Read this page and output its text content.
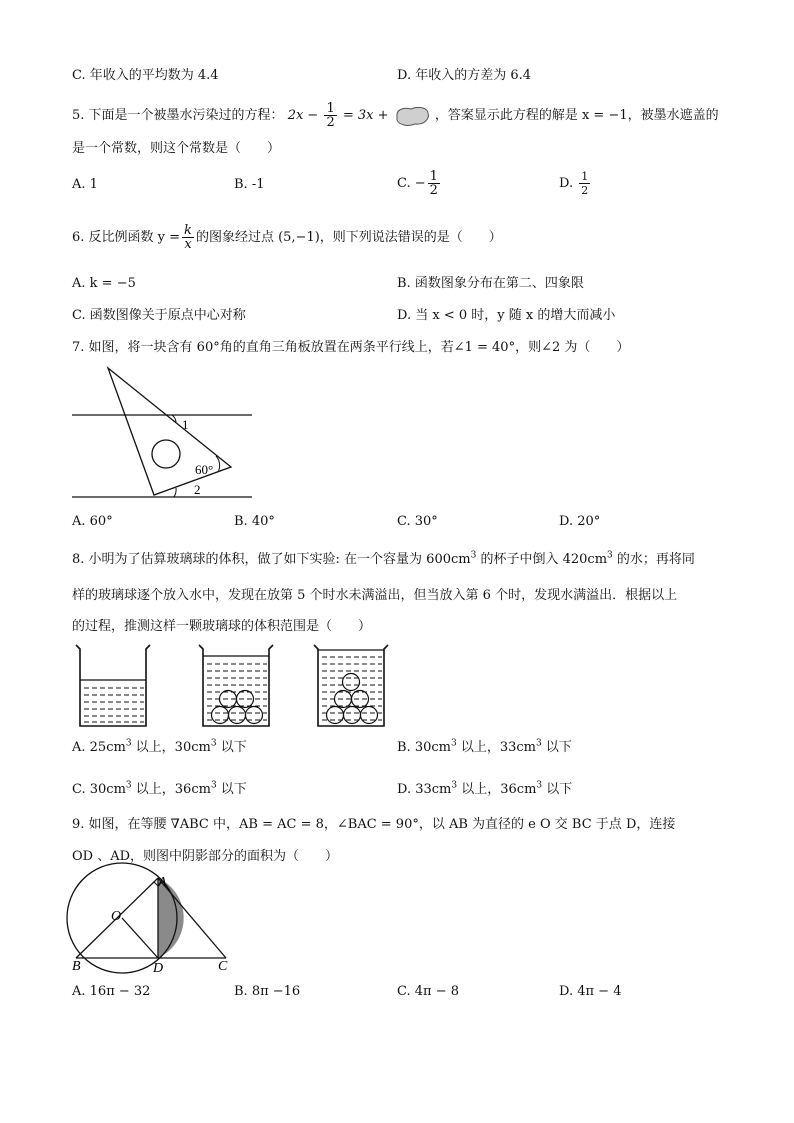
C. 年收入的平均数为 4.4	D. 年收入的方差为 6.4
5. 下面是一个被墨水污染过的方程： $2x - \frac{1}{2} = 3x$ +	，答案显示此方程的解是 x = −1，被墨水遮盖的
是一个常数，则这个常数是（　　）
A. 1	B. -1	C. − $\frac{1}{2}$	D. $\frac{1}{2}$
6. 反比例函数 $y = \frac{k}{x}$ 的图象经过点 (5,−1)，则下列说法错误的是（　　）
A. k = −5	B. 函数图象分布在第二、四象限
C. 函数图像关于原点中心对称	D. 当 x < 0 时，y 随 x 的增大而减小
7. 如图，将一块含有 60°角的直角三角板放置在两条平行线上，若∠1 = 40°，则∠2 为（　　）
1
2
60°
A. 60°	B. 40°	C. 30°	D. 20°
8. 小明为了估算玻璃球的体积，做了如下实验: 在一个容量为 $600cm^3$ 的杯子中倒入 $420cm^3$ 的水；再将同
样的玻璃球逐个放入水中，发现在放第 5 个时水未满溢出，但当放入第 6 个时，发现水满溢出．根据以上
的过程，推测这样一颗玻璃球的体积范围是（　　）
A. $25cm^3$ 以上，$30cm^3$ 以下	B. $30cm^3$ 以上，$33cm^3$ 以下
C. $30cm^3$ 以上，$36cm^3$ 以下	D. $33cm^3$ 以上，$36cm^3$ 以下
9. 如图，在等腰 ∇ABC 中，AB = AC = 8，∠BAC = 90°，以 AB 为直径的 e O 交 BC 于点 D，连接
OD 、AD，则图中阴影部分的面积为（　　）
A
O
B	D	C
A. 16π − 32	B. 8π −16	C. 4π − 8	D. 4π − 4
